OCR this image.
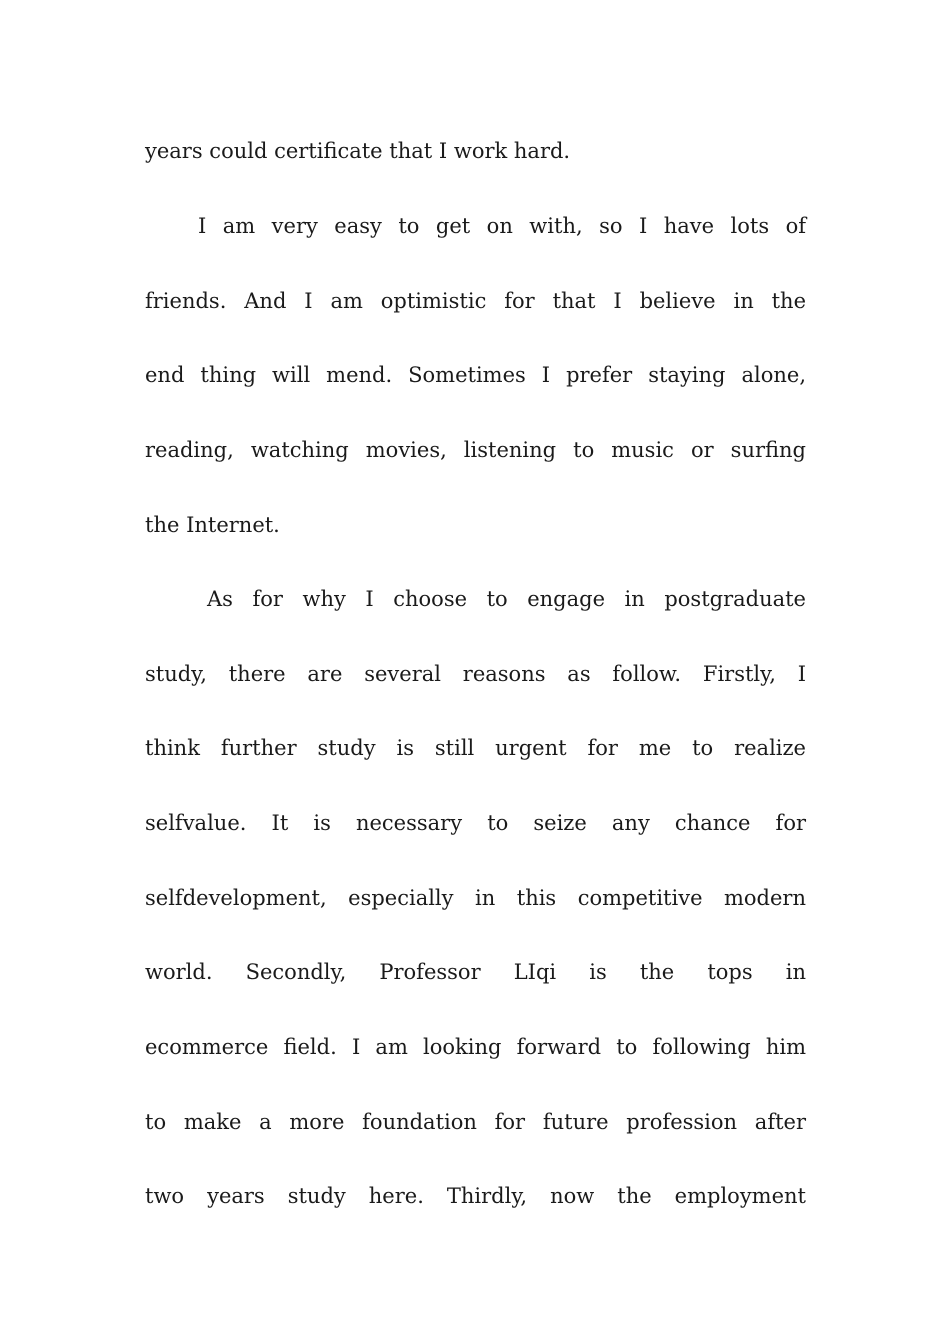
years could certificate that I work hard.
I am very easy to get on with, so I have lots of
friends. And I am optimistic for that I believe in the
end thing will mend. Sometimes I prefer staying alone,
reading, watching movies, listening to music or surfing
the Internet.
As for why I choose to engage in postgraduate
study, there are several reasons as follow. Firstly, I
think further study is still urgent for me to realize
selfvalue. It is necessary to seize any chance for
selfdevelopment, especially in this competitive modern
world. Secondly, Professor LIqi is the tops in
ecommerce field. I am looking forward to following him
to make a more foundation for future profession after
two years study here. Thirdly, now the employment
